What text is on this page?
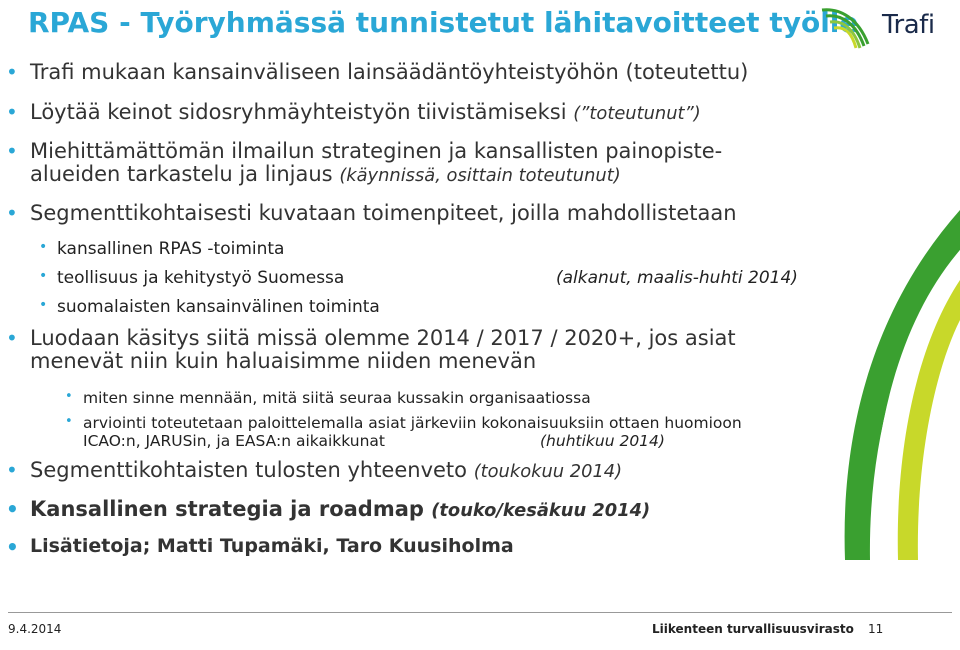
RPAS - Työryhmässä tunnistetut lähitavoitteet työlle Trafi
• Trafi mukaan kansainväliseen lainsäädäntöyhteistyöhön (toteutettu)
• Löytää keinot sidosryhmäyhteistyön tiivistämiseksi (”toteutunut”)
• Miehittämättömän ilmailun strateginen ja kansallisten painopiste-
alueiden tarkastelu ja linjaus (käynnissä, osittain toteutunut)
• Segmenttikohtaisesti kuvataan toimenpiteet, joilla mahdollistetaan
• kansallinen RPAS -toiminta
• teollisuus ja kehitystyö Suomessa	(alkanut, maalis-huhti 2014)
• suomalaisten kansainvälinen toiminta
• Luodaan käsitys siitä missä olemme 2014 / 2017 / 2020+, jos asiat
menevät niin kuin haluaisimme niiden menevän
• miten sinne mennään, mitä siitä seuraa kussakin organisaatiossa
• arviointi toteutetaan paloittelemalla asiat järkeviin kokonaisuuksiin ottaen huomioon
ICAO:n, JARUSin, ja EASA:n aikaikkunat	(huhtikuu 2014)
• Segmenttikohtaisten tulosten yhteenveto (toukokuu 2014)
• Kansallinen strategia ja roadmap (touko/kesäkuu 2014)
• Lisätietoja; Matti Tupamäki, Taro Kuusiholma
9.4.2014	Liikenteen turvallisuusvirasto 11
